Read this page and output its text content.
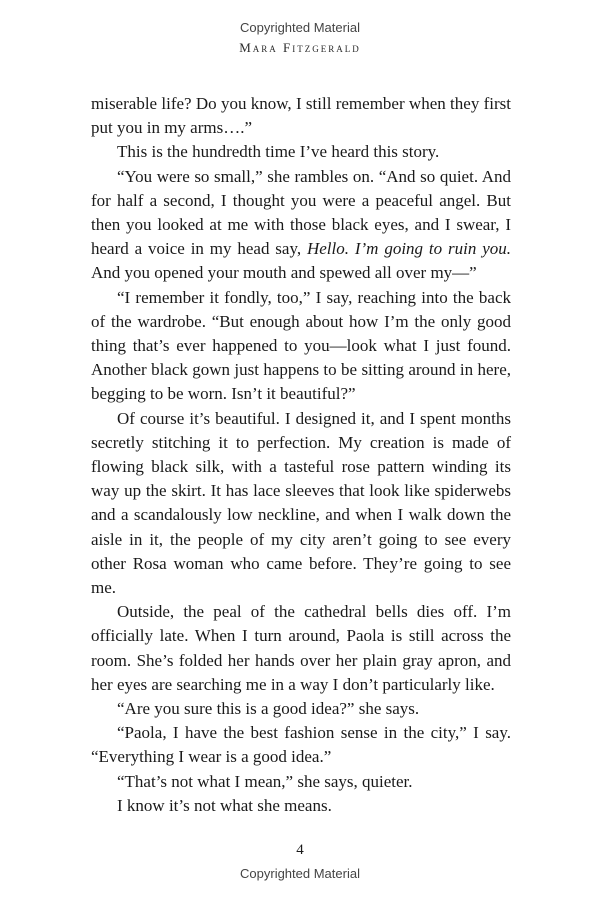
Copyrighted Material
Mara Fitzgerald

miserable life? Do you know, I still remember when they first put you in my arms….”

This is the hundredth time I’ve heard this story.

“You were so small,” she rambles on. “And so quiet. And for half a second, I thought you were a peaceful angel. But then you looked at me with those black eyes, and I swear, I heard a voice in my head say, Hello. I’m going to ruin you. And you opened your mouth and spewed all over my—”

“I remember it fondly, too,” I say, reaching into the back of the wardrobe. “But enough about how I’m the only good thing that’s ever happened to you—look what I just found. Another black gown just happens to be sitting around in here, begging to be worn. Isn’t it beautiful?”

Of course it’s beautiful. I designed it, and I spent months secretly stitching it to perfection. My creation is made of flowing black silk, with a tasteful rose pattern winding its way up the skirt. It has lace sleeves that look like spiderwebs and a scandalously low neckline, and when I walk down the aisle in it, the people of my city aren’t going to see every other Rosa woman who came before. They’re going to see me.

Outside, the peal of the cathedral bells dies off. I’m officially late. When I turn around, Paola is still across the room. She’s folded her hands over her plain gray apron, and her eyes are searching me in a way I don’t particularly like.

“Are you sure this is a good idea?” she says.

“Paola, I have the best fashion sense in the city,” I say. “Everything I wear is a good idea.”

“That’s not what I mean,” she says, quieter.

I know it’s not what she means.

4
Copyrighted Material
